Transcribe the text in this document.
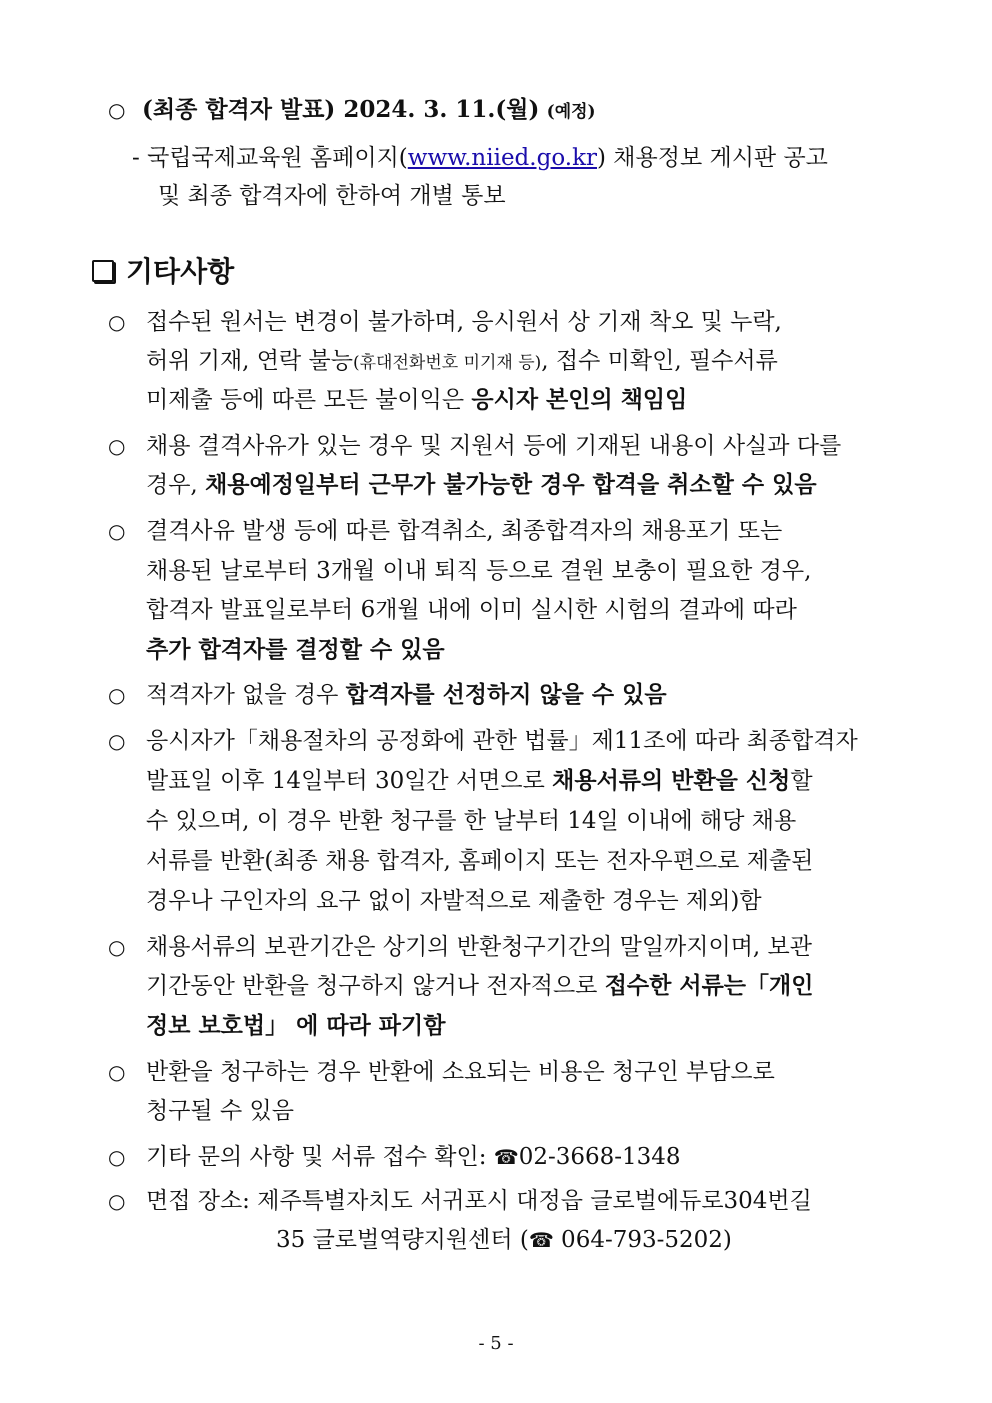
○ (최종 합격자 발표) 2024. 3. 11.(월) (예정)
- 국립국제교육원 홈페이지(www.niied.go.kr) 채용정보 게시판 공고
및 최종 합격자에 한하여 개별 통보
기타사항
○ 접수된 원서는 변경이 불가하며, 응시원서 상 기재 착오 및 누락,
허위 기재, 연락 불능(휴대전화번호 미기재 등), 접수 미확인, 필수서류
미제출 등에 따른 모든 불이익은 응시자 본인의 책임임
○ 채용 결격사유가 있는 경우 및 지원서 등에 기재된 내용이 사실과 다를
경우, 채용예정일부터 근무가 불가능한 경우 합격을 취소할 수 있음
○ 결격사유 발생 등에 따른 합격취소, 최종합격자의 채용포기 또는
채용된 날로부터 3개월 이내 퇴직 등으로 결원 보충이 필요한 경우,
합격자 발표일로부터 6개월 내에 이미 실시한 시험의 결과에 따라
추가 합격자를 결정할 수 있음
○ 적격자가 없을 경우 합격자를 선정하지 않을 수 있음
○ 응시자가「채용절차의 공정화에 관한 법률」제11조에 따라 최종합격자
발표일 이후 14일부터 30일간 서면으로 채용서류의 반환을 신청할
수 있으며, 이 경우 반환 청구를 한 날부터 14일 이내에 해당 채용
서류를 반환(최종 채용 합격자, 홈페이지 또는 전자우편으로 제출된
경우나 구인자의 요구 없이 자발적으로 제출한 경우는 제외)함
○ 채용서류의 보관기간은 상기의 반환청구기간의 말일까지이며, 보관
기간동안 반환을 청구하지 않거나 전자적으로 접수한 서류는「개인
정보 보호법」 에 따라 파기함
○ 반환을 청구하는 경우 반환에 소요되는 비용은 청구인 부담으로
청구될 수 있음
○ 기타 문의 사항 및 서류 접수 확인: ☎02-3668-1348
○ 면접 장소: 제주특별자치도 서귀포시 대정읍 글로벌에듀로304번길
35 글로벌역량지원센터 (☎ 064-793-5202)
- 5 -
